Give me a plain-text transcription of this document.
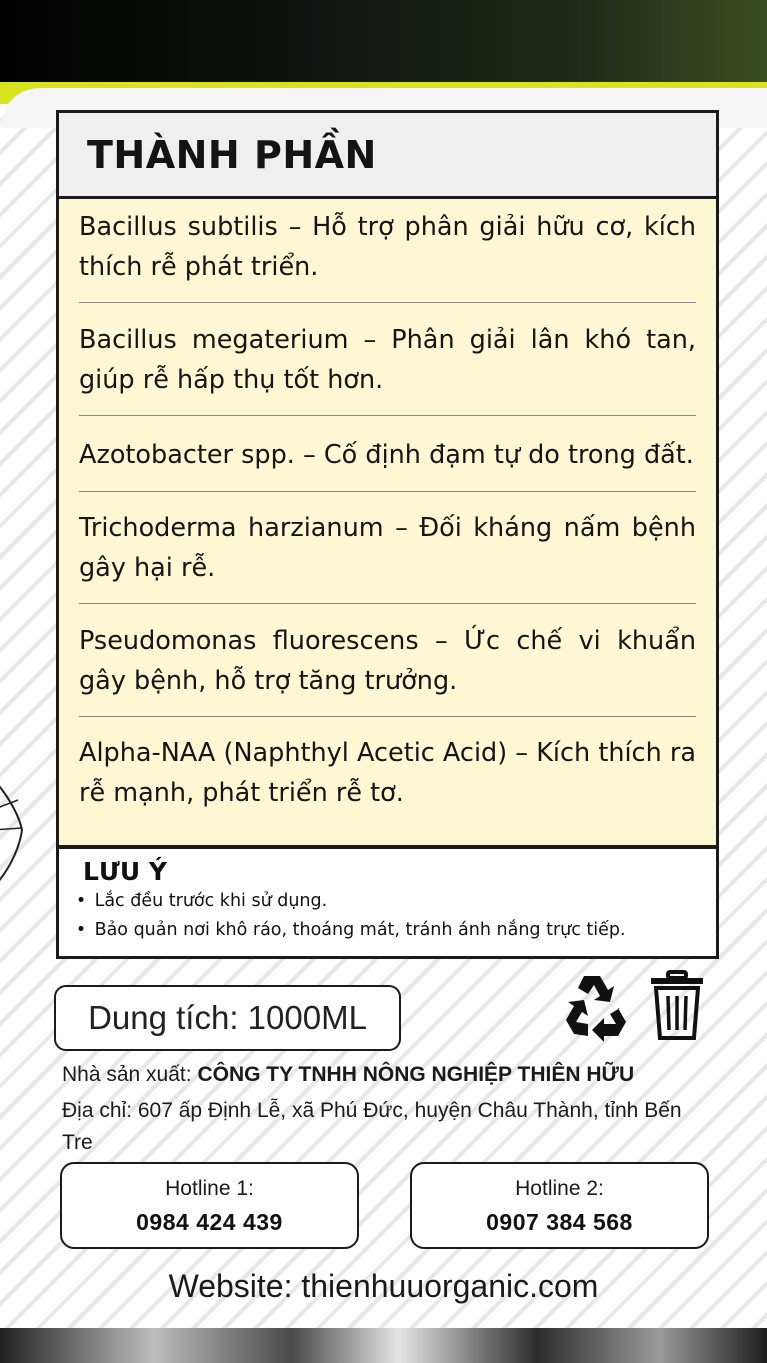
THÀNH PHẦN
Bacillus subtilis – Hỗ trợ phân giải hữu cơ, kích thích rễ phát triển.
Bacillus megaterium – Phân giải lân khó tan, giúp rễ hấp thụ tốt hơn.
Azotobacter spp. – Cố định đạm tự do trong đất.
Trichoderma harzianum – Đối kháng nấm bệnh gây hại rễ.
Pseudomonas fluorescens – Ức chế vi khuẩn gây bệnh, hỗ trợ tăng trưởng.
Alpha-NAA (Naphthyl Acetic Acid) – Kích thích ra rễ mạnh, phát triển rễ tơ.
LƯU Ý
• Lắc đều trước khi sử dụng.
• Bảo quản nơi khô ráo, thoáng mát, tránh ánh nắng trực tiếp.
Dung tích: 1000ML
Nhà sản xuất: CÔNG TY TNHH NÔNG NGHIỆP THIÊN HỮU
Địa chỉ: 607 ấp Định Lễ, xã Phú Đức, huyện Châu Thành, tỉnh Bến Tre
Hotline 1:
0984 424 439
Hotline 2:
0907 384 568
Website: thienhuuorganic.com
